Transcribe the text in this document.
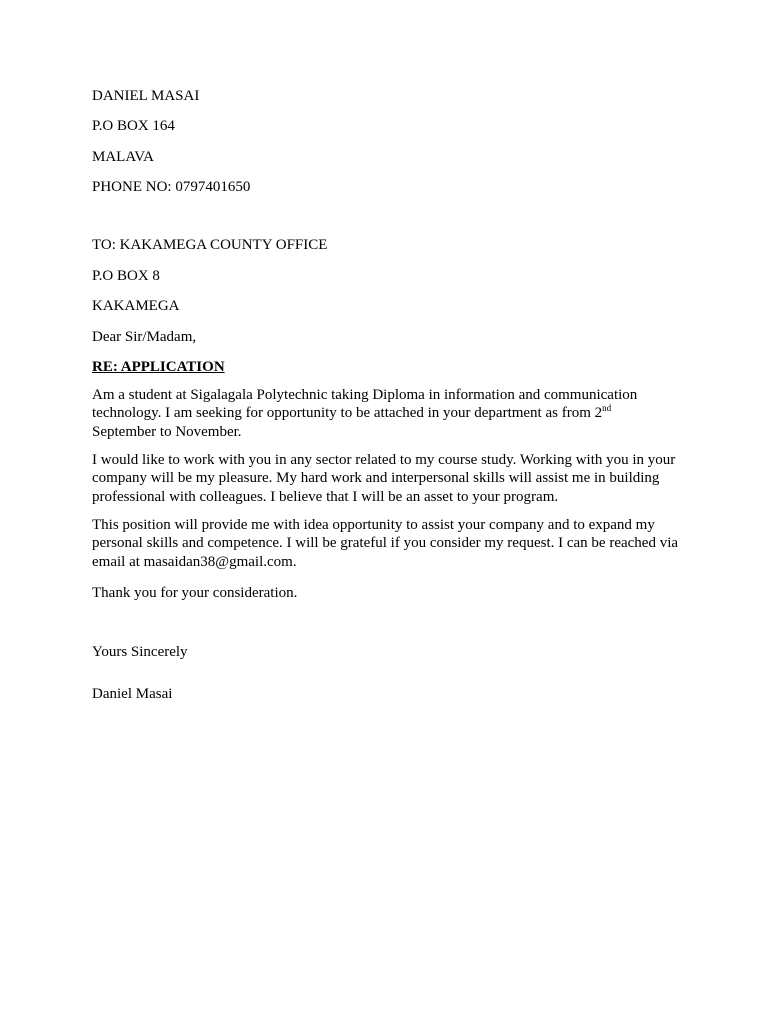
DANIEL MASAI
P.O BOX 164
MALAVA
PHONE NO: 0797401650
TO: KAKAMEGA COUNTY OFFICE
P.O BOX 8
KAKAMEGA
Dear Sir/Madam,
RE: APPLICATION
Am a student at Sigalagala Polytechnic taking Diploma in information and communication
technology. I am seeking for opportunity to be attached in your department as from 2nd
September to November.

I would like to work with you in any sector related to my course study. Working with you in your company will be my pleasure. My hard work and interpersonal skills will assist me in building professional with colleagues. I believe that I will be an asset to your program.

This position will provide me with idea opportunity to assist your company and to expand my personal skills and competence. I will be grateful if you consider my request. I can be reached via email at masaidan38@gmail.com.

Thank you for your consideration.
Yours Sincerely
Daniel Masai
